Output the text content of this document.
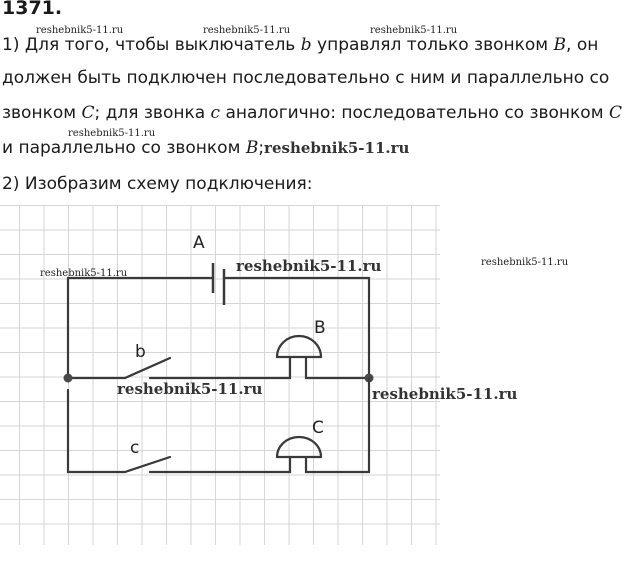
1371.
reshebnik5-11.ru	reshebnik5-11.ru	reshebnik5-11.ru
1) Для того, чтобы выключатель b управлял только звонком B, он
должен быть подключен последовательно с ним и параллельно со
звонком C; для звонка c аналогично: последовательно со звонком C
reshebnik5-11.ru
и параллельно со звонком B;reshebnik5-11.ru
2) Изобразим схему подключения:
A
B
b
c
C
reshebnik5-11.ru	reshebnik5-11.ru	reshebnik5-11.ru
reshebnik5-11.ru	reshebnik5-11.ru
